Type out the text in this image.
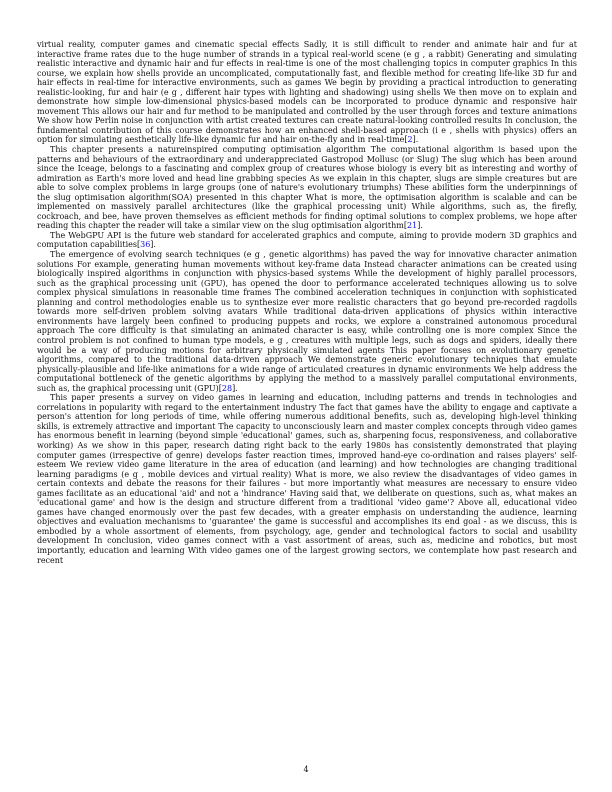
virtual reality, computer games and cinematic special effects Sadly, it is still difficult to render and animate hair and fur at interactive frame rates due to the huge number of strands in a typical real-world scene (e g , a rabbit) Generating and simulating realistic interactive and dynamic hair and fur effects in real-time is one of the most challenging topics in computer graphics In this course, we explain how shells provide an uncomplicated, computationally fast, and flexible method for creating life-like 3D fur and hair effects in real-time for interactive environments, such as games We begin by providing a practical introduction to generating realistic-looking, fur and hair (e g , different hair types with lighting and shadowing) using shells We then move on to explain and demonstrate how simple low-dimensional physics-based models can be incorporated to produce dynamic and responsive hair movement This allows our hair and fur method to be manipulated and controlled by the user through forces and texture animations We show how Perlin noise in conjunction with artist created textures can create natural-looking controlled results In conclusion, the fundamental contribution of this course demonstrates how an enhanced shell-based approach (i e , shells with physics) offers an option for simulating aesthetically life-like dynamic fur and hair on-the-fly and in real-time[2].

This chapter presents a natureinspired computing optimisation algorithm The computational algorithm is based upon the patterns and behaviours of the extraordinary and underappreciated Gastropod Mollusc (or Slug) The slug which has been around since the Iceage, belongs to a fascinating and complex group of creatures whose biology is every bit as interesting and worthy of admiration as Earth's more loved and head line grabbing species As we explain in this chapter, slugs are simple creatures but are able to solve complex problems in large groups (one of nature's evolutionary triumphs) These abilities form the underpinnings of the slug optimisation algorithm(SOA) presented in this chapter What is more, the optimisation algorithm is scalable and can be implemented on massively parallel architectures (like the graphical processing unit) While algorithms, such as, the firefly, cockroach, and bee, have proven themselves as efficient methods for finding optimal solutions to complex problems, we hope after reading this chapter the reader will take a similar view on the slug optimisation algorithm[21].

The WebGPU API is the future web standard for accelerated graphics and compute, aiming to provide modern 3D graphics and computation capabilities[36].

The emergence of evolving search techniques (e g , genetic algorithms) has paved the way for innovative character animation solutions For example, generating human movements without key-frame data Instead character animations can be created using biologically inspired algorithms in conjunction with physics-based systems While the development of highly parallel processors, such as the graphical processing unit (GPU), has opened the door to performance accelerated techniques allowing us to solve complex physical simulations in reasonable time frames The combined acceleration techniques in conjunction with sophisticated planning and control methodologies enable us to synthesize ever more realistic characters that go beyond pre-recorded ragdolls towards more self-driven problem solving avatars While traditional data-driven applications of physics within interactive environments have largely been confined to producing puppets and rocks, we explore a constrained autonomous procedural approach The core difficulty is that simulating an animated character is easy, while controlling one is more complex Since the control problem is not confined to human type models, e g , creatures with multiple legs, such as dogs and spiders, ideally there would be a way of producing motions for arbitrary physically simulated agents This paper focuses on evolutionary genetic algorithms, compared to the traditional data-driven approach We demonstrate generic evolutionary techniques that emulate physically-plausible and life-like animations for a wide range of articulated creatures in dynamic environments We help address the computational bottleneck of the genetic algorithms by applying the method to a massively parallel computational environments, such as, the graphical processing unit (GPU)[28].

This paper presents a survey on video games in learning and education, including patterns and trends in technologies and correlations in popularity with regard to the entertainment industry The fact that games have the ability to engage and captivate a person's attention for long periods of time, while offering numerous additional benefits, such as, developing high-level thinking skills, is extremely attractive and important The capacity to unconsciously learn and master complex concepts through video games has enormous benefit in learning (beyond simple 'educational' games, such as, sharpening focus, responsiveness, and collaborative working) As we show in this paper, research dating right back to the early 1980s has consistently demonstrated that playing computer games (irrespective of genre) develops faster reaction times, improved hand-eye co-ordination and raises players' self-esteem We review video game literature in the area of education (and learning) and how technologies are changing traditional learning paradigms (e g , mobile devices and virtual reality) What is more, we also review the disadvantages of video games in certain contexts and debate the reasons for their failures - but more importantly what measures are necessary to ensure video games facilitate as an educational 'aid' and not a 'hindrance' Having said that, we deliberate on questions, such as, what makes an 'educational game' and how is the design and structure different from a traditional 'video game'? Above all, educational video games have changed enormously over the past few decades, with a greater emphasis on understanding the audience, learning objectives and evaluation mechanisms to 'guarantee' the game is successful and accomplishes its end goal - as we discuss, this is embodied by a whole assortment of elements, from psychology, age, gender and technological factors to social and usability development In conclusion, video games connect with a vast assortment of areas, such as, medicine and robotics, but most importantly, education and learning With video games one of the largest growing sectors, we contemplate how past research and recent

4
